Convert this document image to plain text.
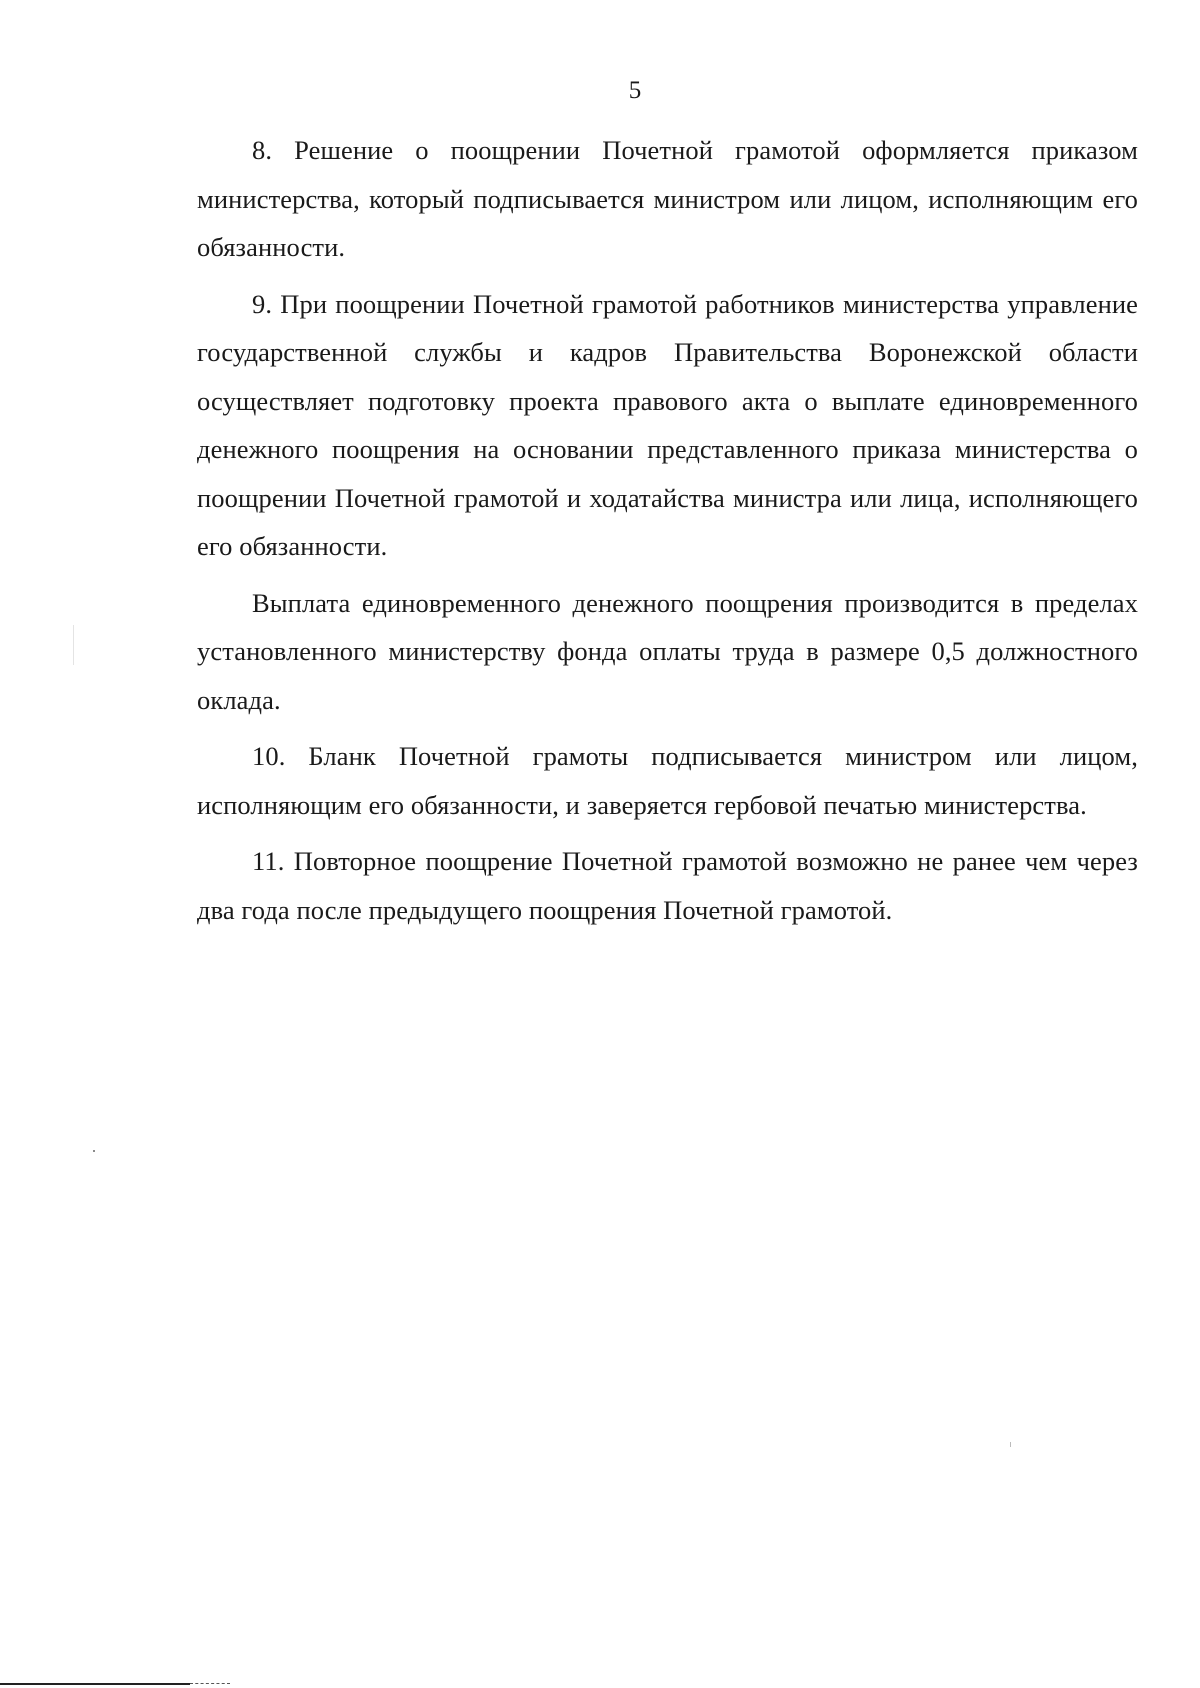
5

8. Решение о поощрении Почетной грамотой оформляется приказом министерства, который подписывается министром или лицом, исполняющим его обязанности.

9. При поощрении Почетной грамотой работников министерства управление государственной службы и кадров Правительства Воронежской области осуществляет подготовку проекта правового акта о выплате единовременного денежного поощрения на основании представленного приказа министерства о поощрении Почетной грамотой и ходатайства министра или лица, исполняющего его обязанности.

Выплата единовременного денежного поощрения производится в пределах установленного министерству фонда оплаты труда в размере 0,5 должностного оклада.

10. Бланк Почетной грамоты подписывается министром или лицом, исполняющим его обязанности, и заверяется гербовой печатью министерства.

11. Повторное поощрение Почетной грамотой возможно не ранее чем через два года после предыдущего поощрения Почетной грамотой.
